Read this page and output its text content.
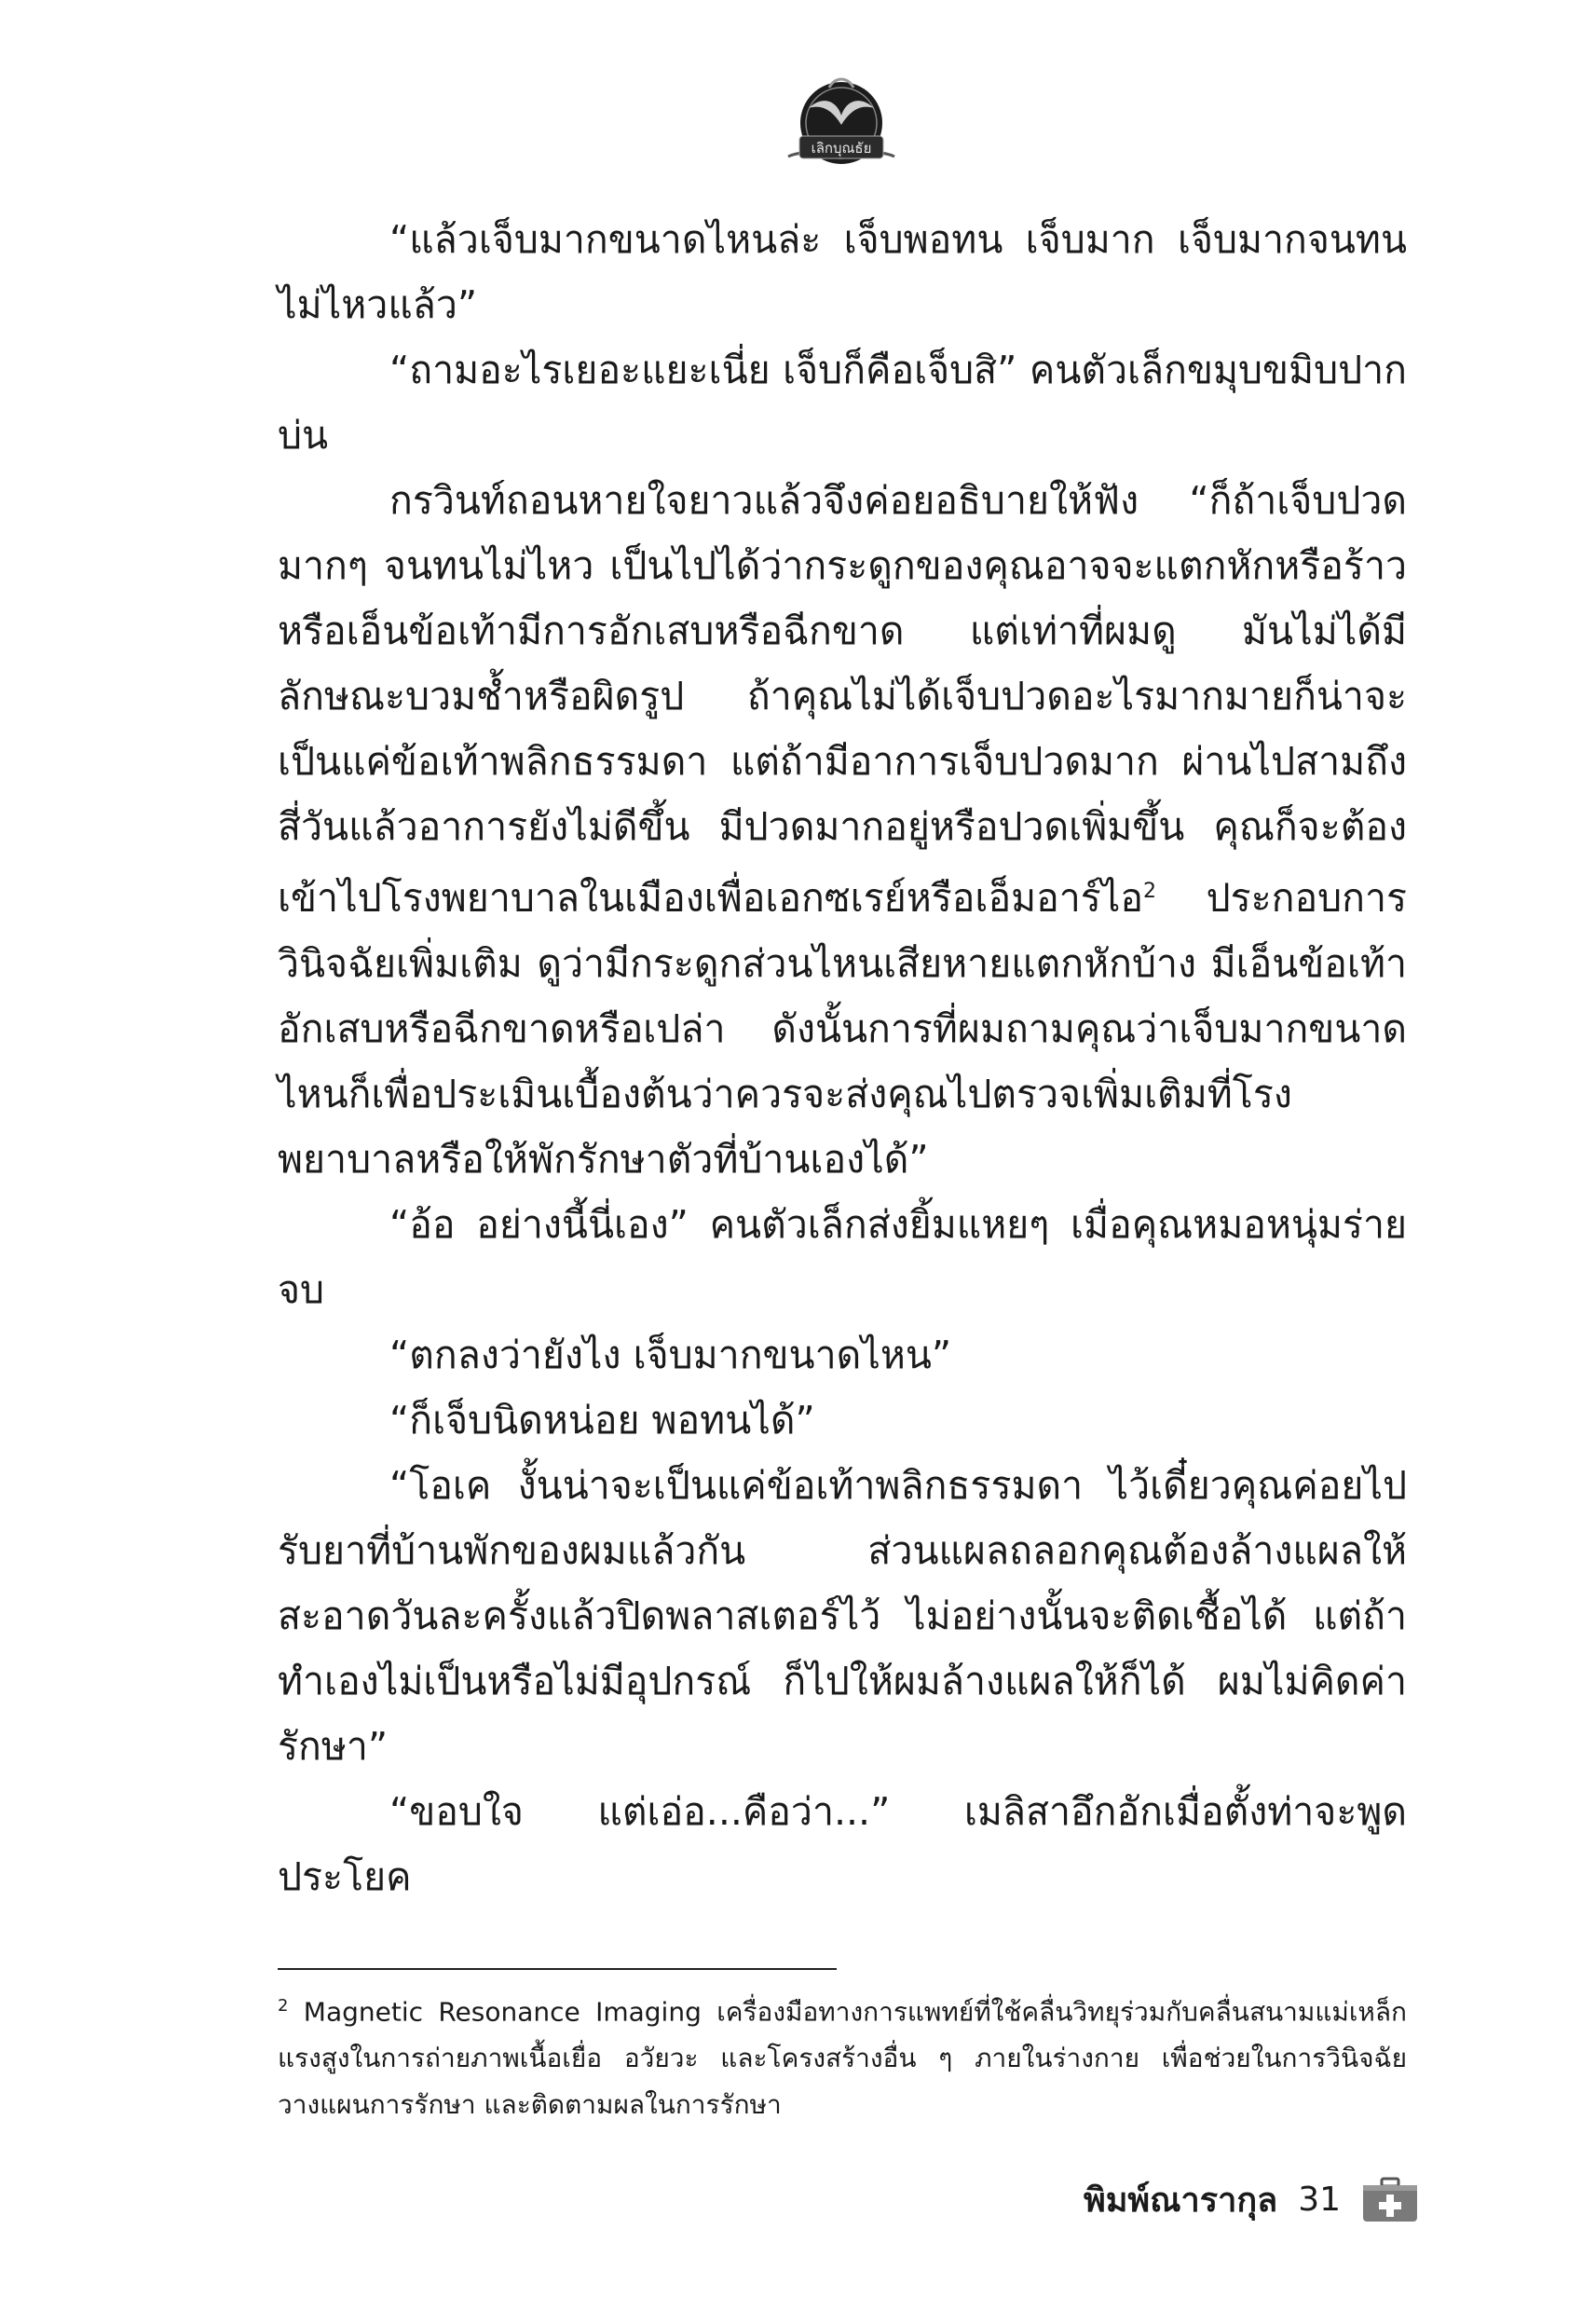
เลิกบุณธัย

“แล้วเจ็บมากขนาดไหนล่ะ เจ็บพอทน เจ็บมาก เจ็บมากจนทนไม่ไหวแล้ว”

“ถามอะไรเยอะแยะเนี่ย เจ็บก็คือเจ็บสิ” คนตัวเล็กขมุบขมิบปากบ่น

กรวินท์ถอนหายใจยาวแล้วจึงค่อยอธิบายให้ฟัง “ก็ถ้าเจ็บปวดมากๆ จนทนไม่ไหว เป็นไปได้ว่ากระดูกของคุณอาจจะแตกหักหรือร้าว หรือเอ็นข้อเท้ามีการอักเสบหรือฉีกขาด แต่เท่าที่ผมดู มันไม่ได้มีลักษณะบวมช้ำหรือผิดรูป ถ้าคุณไม่ได้เจ็บปวดอะไรมากมายก็น่าจะเป็นแค่ข้อเท้าพลิกธรรมดา แต่ถ้ามีอาการเจ็บปวดมาก ผ่านไปสามถึงสี่วันแล้วอาการยังไม่ดีขึ้น มีปวดมากอยู่หรือปวดเพิ่มขึ้น คุณก็จะต้องเข้าไปโรงพยาบาลในเมืองเพื่อเอกซเรย์หรือเอ็มอาร์ไอ$^2$ ประกอบการวินิจฉัยเพิ่มเติม ดูว่ามีกระดูกส่วนไหนเสียหายแตกหักบ้าง มีเอ็นข้อเท้าอักเสบหรือฉีกขาดหรือเปล่า ดังนั้นการที่ผมถามคุณว่าเจ็บมากขนาดไหนก็เพื่อประเมินเบื้องต้นว่าควรจะส่งคุณไปตรวจเพิ่มเติมที่โรงพยาบาลหรือให้พักรักษาตัวที่บ้านเองได้”

“อ้อ อย่างนี้นี่เอง” คนตัวเล็กส่งยิ้มแหยๆ เมื่อคุณหมอหนุ่มร่ายจบ

“ตกลงว่ายังไง เจ็บมากขนาดไหน”

“ก็เจ็บนิดหน่อย พอทนได้”

“โอเค งั้นน่าจะเป็นแค่ข้อเท้าพลิกธรรมดา ไว้เดี๋ยวคุณค่อยไปรับยาที่บ้านพักของผมแล้วกัน ส่วนแผลถลอกคุณต้องล้างแผลให้สะอาดวันละครั้งแล้วปิดพลาสเตอร์ไว้ ไม่อย่างนั้นจะติดเชื้อได้ แต่ถ้าทำเองไม่เป็นหรือไม่มีอุปกรณ์ ก็ไปให้ผมล้างแผลให้ก็ได้ ผมไม่คิดค่ารักษา”

“ขอบใจ แต่เอ่อ...คือว่า...” เมลิสาอึกอักเมื่อตั้งท่าจะพูดประโยค

$^2$ Magnetic Resonance Imaging เครื่องมือทางการแพทย์ที่ใช้คลื่นวิทยุร่วมกับคลื่นสนามแม่เหล็กแรงสูงในการถ่ายภาพเนื้อเยื่อ อวัยวะ และโครงสร้างอื่น ๆ ภายในร่างกาย เพื่อช่วยในการวินิจฉัย วางแผนการรักษา และติดตามผลในการรักษา
พิมพ์ณารากุล 31
